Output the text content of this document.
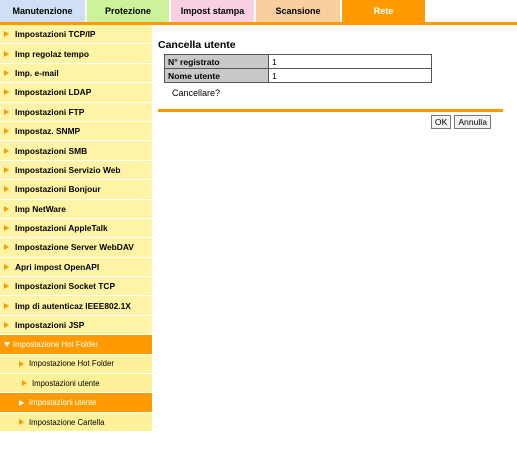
Manutenzione	Protezione	Impost stampa	Scansione	Rete
Impostazioni TCP/IP
Imp regolaz tempo
Imp. e-mail
Impostazioni LDAP
Impostazioni FTP
Impostaz. SNMP
Impostazioni SMB
Impostazioni Servizio Web
Impostazioni Bonjour
Imp NetWare
Impostazioni AppleTalk
Impostazione Server WebDAV
Apri impost OpenAPI
Impostazioni Socket TCP
Imp di autenticaz IEEE802.1X
Impostazioni JSP
Impostazione Hot Folder
Impostazione Hot Folder
Impostazioni utente
Impostazioni utente
Impostazione Cartella
Cancella utente
N° registrato	1
Nome utente	1
Cancellare?
OK	Annulla
